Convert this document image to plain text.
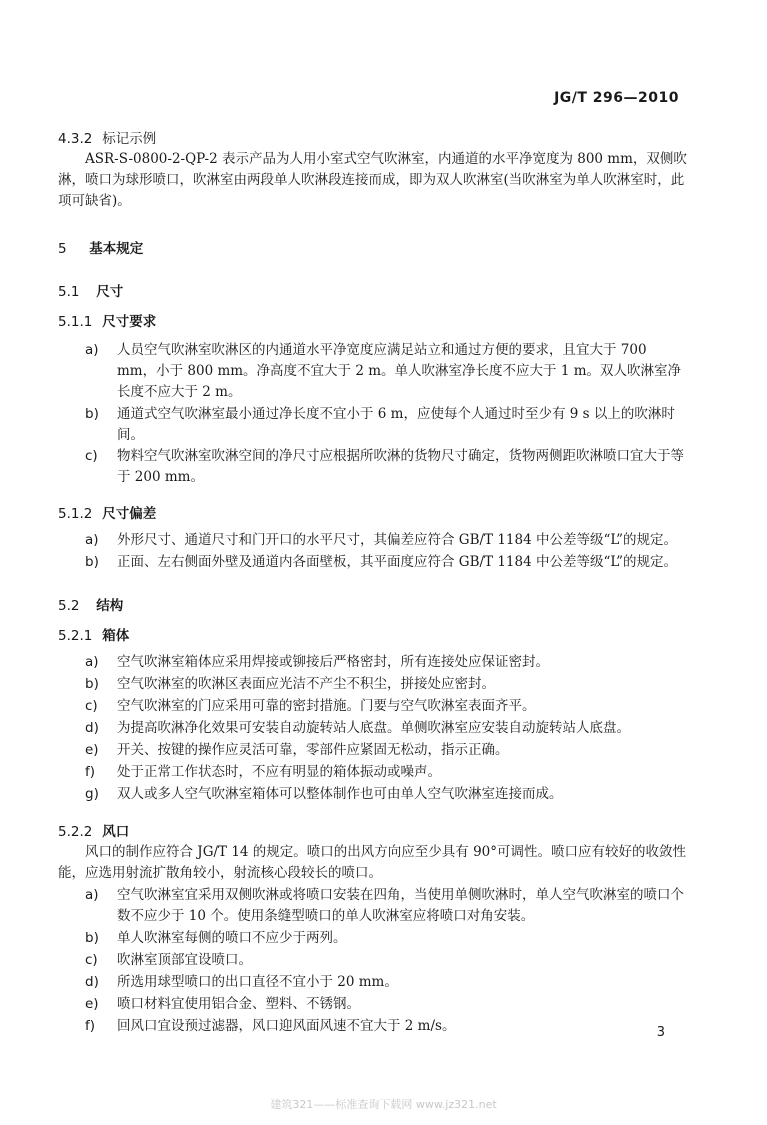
JG/T 296—2010
4.3.2 标记示例
ASR-S-0800-2-QP-2 表示产品为人用小室式空气吹淋室，内通道的水平净宽度为 800 mm，双侧吹淋，喷口为球形喷口，吹淋室由两段单人吹淋段连接而成，即为双人吹淋室(当吹淋室为单人吹淋室时，此项可缺省)。
5 基本规定
5.1 尺寸
5.1.1 尺寸要求
a)	人员空气吹淋室吹淋区的内通道水平净宽度应满足站立和通过方便的要求，且宜大于 700 mm，小于 800 mm。净高度不宜大于 2 m。单人吹淋室净长度不应大于 1 m。双人吹淋室净长度不应大于 2 m。
b)	通道式空气吹淋室最小通过净长度不宜小于 6 m，应使每个人通过时至少有 9 s 以上的吹淋时间。
c)	物料空气吹淋室吹淋空间的净尺寸应根据所吹淋的货物尺寸确定，货物两侧距吹淋喷口宜大于等于 200 mm。
5.1.2 尺寸偏差
a)	外形尺寸、通道尺寸和门开口的水平尺寸，其偏差应符合 GB/T 1184 中公差等级“L”的规定。
b)	正面、左右侧面外壁及通道内各面壁板，其平面度应符合 GB/T 1184 中公差等级“L”的规定。
5.2 结构
5.2.1 箱体
a)	空气吹淋室箱体应采用焊接或铆接后严格密封，所有连接处应保证密封。
b)	空气吹淋室的吹淋区表面应光洁不产尘不积尘，拼接处应密封。
c)	空气吹淋室的门应采用可靠的密封措施。门要与空气吹淋室表面齐平。
d)	为提高吹淋净化效果可安装自动旋转站人底盘。单侧吹淋室应安装自动旋转站人底盘。
e)	开关、按键的操作应灵活可靠，零部件应紧固无松动，指示正确。
f)	处于正常工作状态时，不应有明显的箱体振动或噪声。
g)	双人或多人空气吹淋室箱体可以整体制作也可由单人空气吹淋室连接而成。
5.2.2 风口
风口的制作应符合 JG/T 14 的规定。喷口的出风方向应至少具有 90°可调性。喷口应有较好的收敛性能，应选用射流扩散角较小，射流核心段较长的喷口。
a)	空气吹淋室宜采用双侧吹淋或将喷口安装在四角，当使用单侧吹淋时，单人空气吹淋室的喷口个数不应少于 10 个。使用条缝型喷口的单人吹淋室应将喷口对角安装。
b)	单人吹淋室每侧的喷口不应少于两列。
c)	吹淋室顶部宜设喷口。
d)	所选用球型喷口的出口直径不宜小于 20 mm。
e)	喷口材料宜使用铝合金、塑料、不锈钢。
f)	回风口宜设预过滤器，风口迎风面风速不宜大于 2 m/s。	3
建筑321——标准查询下载网 www.jz321.net
